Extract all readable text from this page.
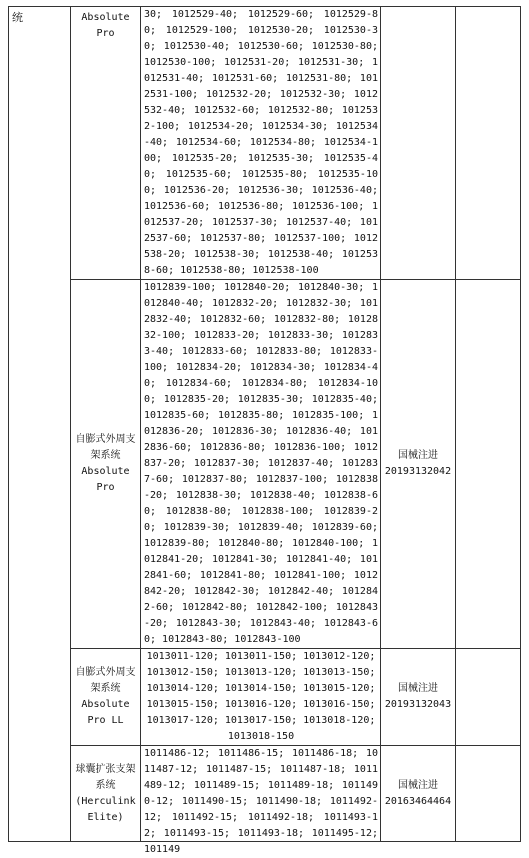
统	Absolute Pro	30; 1012529-40; 1012529-60; 1012529-80; 1012529-100; 1012530-20; 1012530-30; 1012530-40; 1012530-60; 1012530-80; 1012530-100; 1012531-20; 1012531-30; 1012531-40; 1012531-60; 1012531-80; 1012531-100; 1012532-20; 1012532-30; 1012532-40; 1012532-60; 1012532-80; 1012532-100; 1012534-20; 1012534-30; 1012534-40; 1012534-60; 1012534-80; 1012534-100; 1012535-20; 1012535-30; 1012535-40; 1012535-60; 1012535-80; 1012535-100; 1012536-20; 1012536-30; 1012536-40; 1012536-60; 1012536-80; 1012536-100; 1012537-20; 1012537-30; 1012537-40; 1012537-60; 1012537-80; 1012537-100; 1012538-20; 1012538-30; 1012538-40; 1012538-60; 1012538-80; 1012538-100		
	自膨式外周支架系统 Absolute Pro	1012839-100; 1012840-20; 1012840-30; 1012840-40; 1012832-20; 1012832-30; 1012832-40; 1012832-60; 1012832-80; 1012832-100; 1012833-20; 1012833-30; 1012833-40; 1012833-60; 1012833-80; 1012833-100; 1012834-20; 1012834-30; 1012834-40; 1012834-60; 1012834-80; 1012834-100; 1012835-20; 1012835-30; 1012835-40; 1012835-60; 1012835-80; 1012835-100; 1012836-20; 1012836-30; 1012836-40; 1012836-60; 1012836-80; 1012836-100; 1012837-20; 1012837-30; 1012837-40; 1012837-60; 1012837-80; 1012837-100; 1012838-20; 1012838-30; 1012838-40; 1012838-60; 1012838-80; 1012838-100; 1012839-20; 1012839-30; 1012839-40; 1012839-60; 1012839-80; 1012840-80; 1012840-100; 1012841-20; 1012841-30; 1012841-40; 1012841-60; 1012841-80; 1012841-100; 1012842-20; 1012842-30; 1012842-40; 1012842-60; 1012842-80; 1012842-100; 1012843-20; 1012843-30; 1012843-40; 1012843-60; 1012843-80; 1012843-100	国械注进 20193132042	
	自膨式外周支架系统 Absolute Pro LL	1013011-120; 1013011-150; 1013012-120; 1013012-150; 1013013-120; 1013013-150; 1013014-120; 1013014-150; 1013015-120; 1013015-150; 1013016-120; 1013016-150; 1013017-120; 1013017-150; 1013018-120; 1013018-150	国械注进 20193132043	
	球囊扩张支架系统 (Herculink Elite)	1011486-12; 1011486-15; 1011486-18; 1011487-12; 1011487-15; 1011487-18; 1011489-12; 1011489-15; 1011489-18; 1011490-12; 1011490-15; 1011490-18; 1011492-12; 1011492-15; 1011492-18; 1011493-12; 1011493-15; 1011493-18; 1011495-12; 101149	国械注进 20163464464	
